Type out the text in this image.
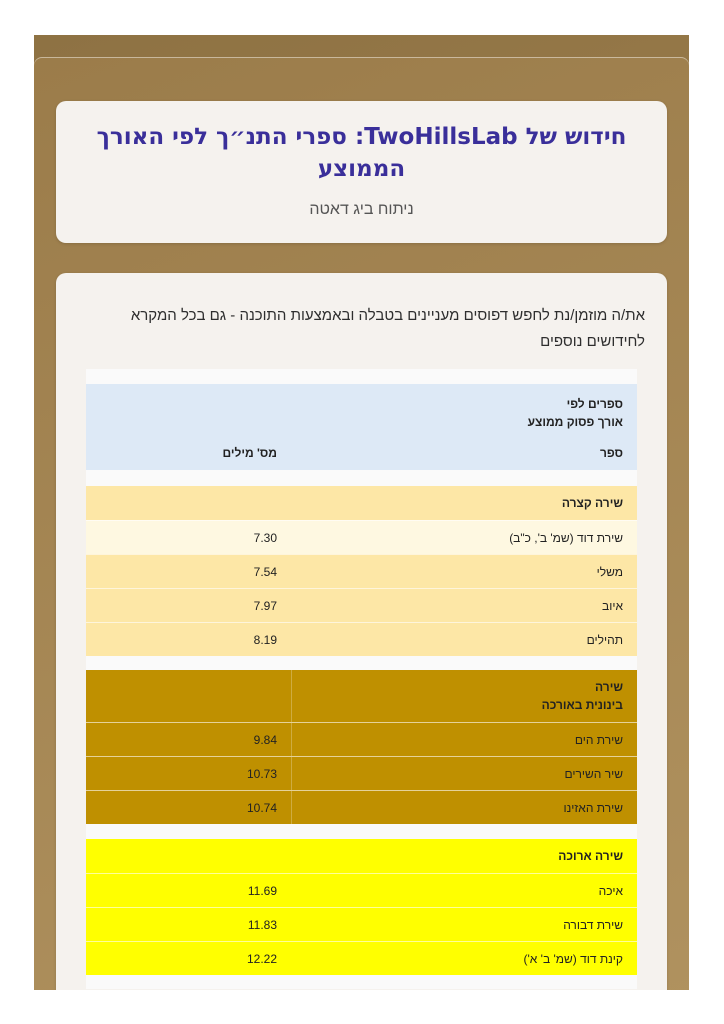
חידוש של TwoHillsLab: ספרי התנ״ך לפי האורך הממוצע
ניתוח ביג דאטה
את/ה מוזמן/נת לחפש דפוסים מעניינים בטבלה ובאמצעות התוכנה - גם בכל המקרא לחידושים נוספים
ספרים לפי
אורך פסוק ממוצע
ספר
מס' מילים
שירה קצרה
שירת דוד (שמ' ב', כ"ב)
7.30
משלי
7.54
איוב
7.97
תהילים
8.19
שירה
בינונית באורכה
שירת הים
9.84
שיר השירים
10.73
שירת האזינו
10.74
שירה ארוכה
איכה
11.69
שירת דבורה
11.83
קינת דוד (שמ' ב' א')
12.22
